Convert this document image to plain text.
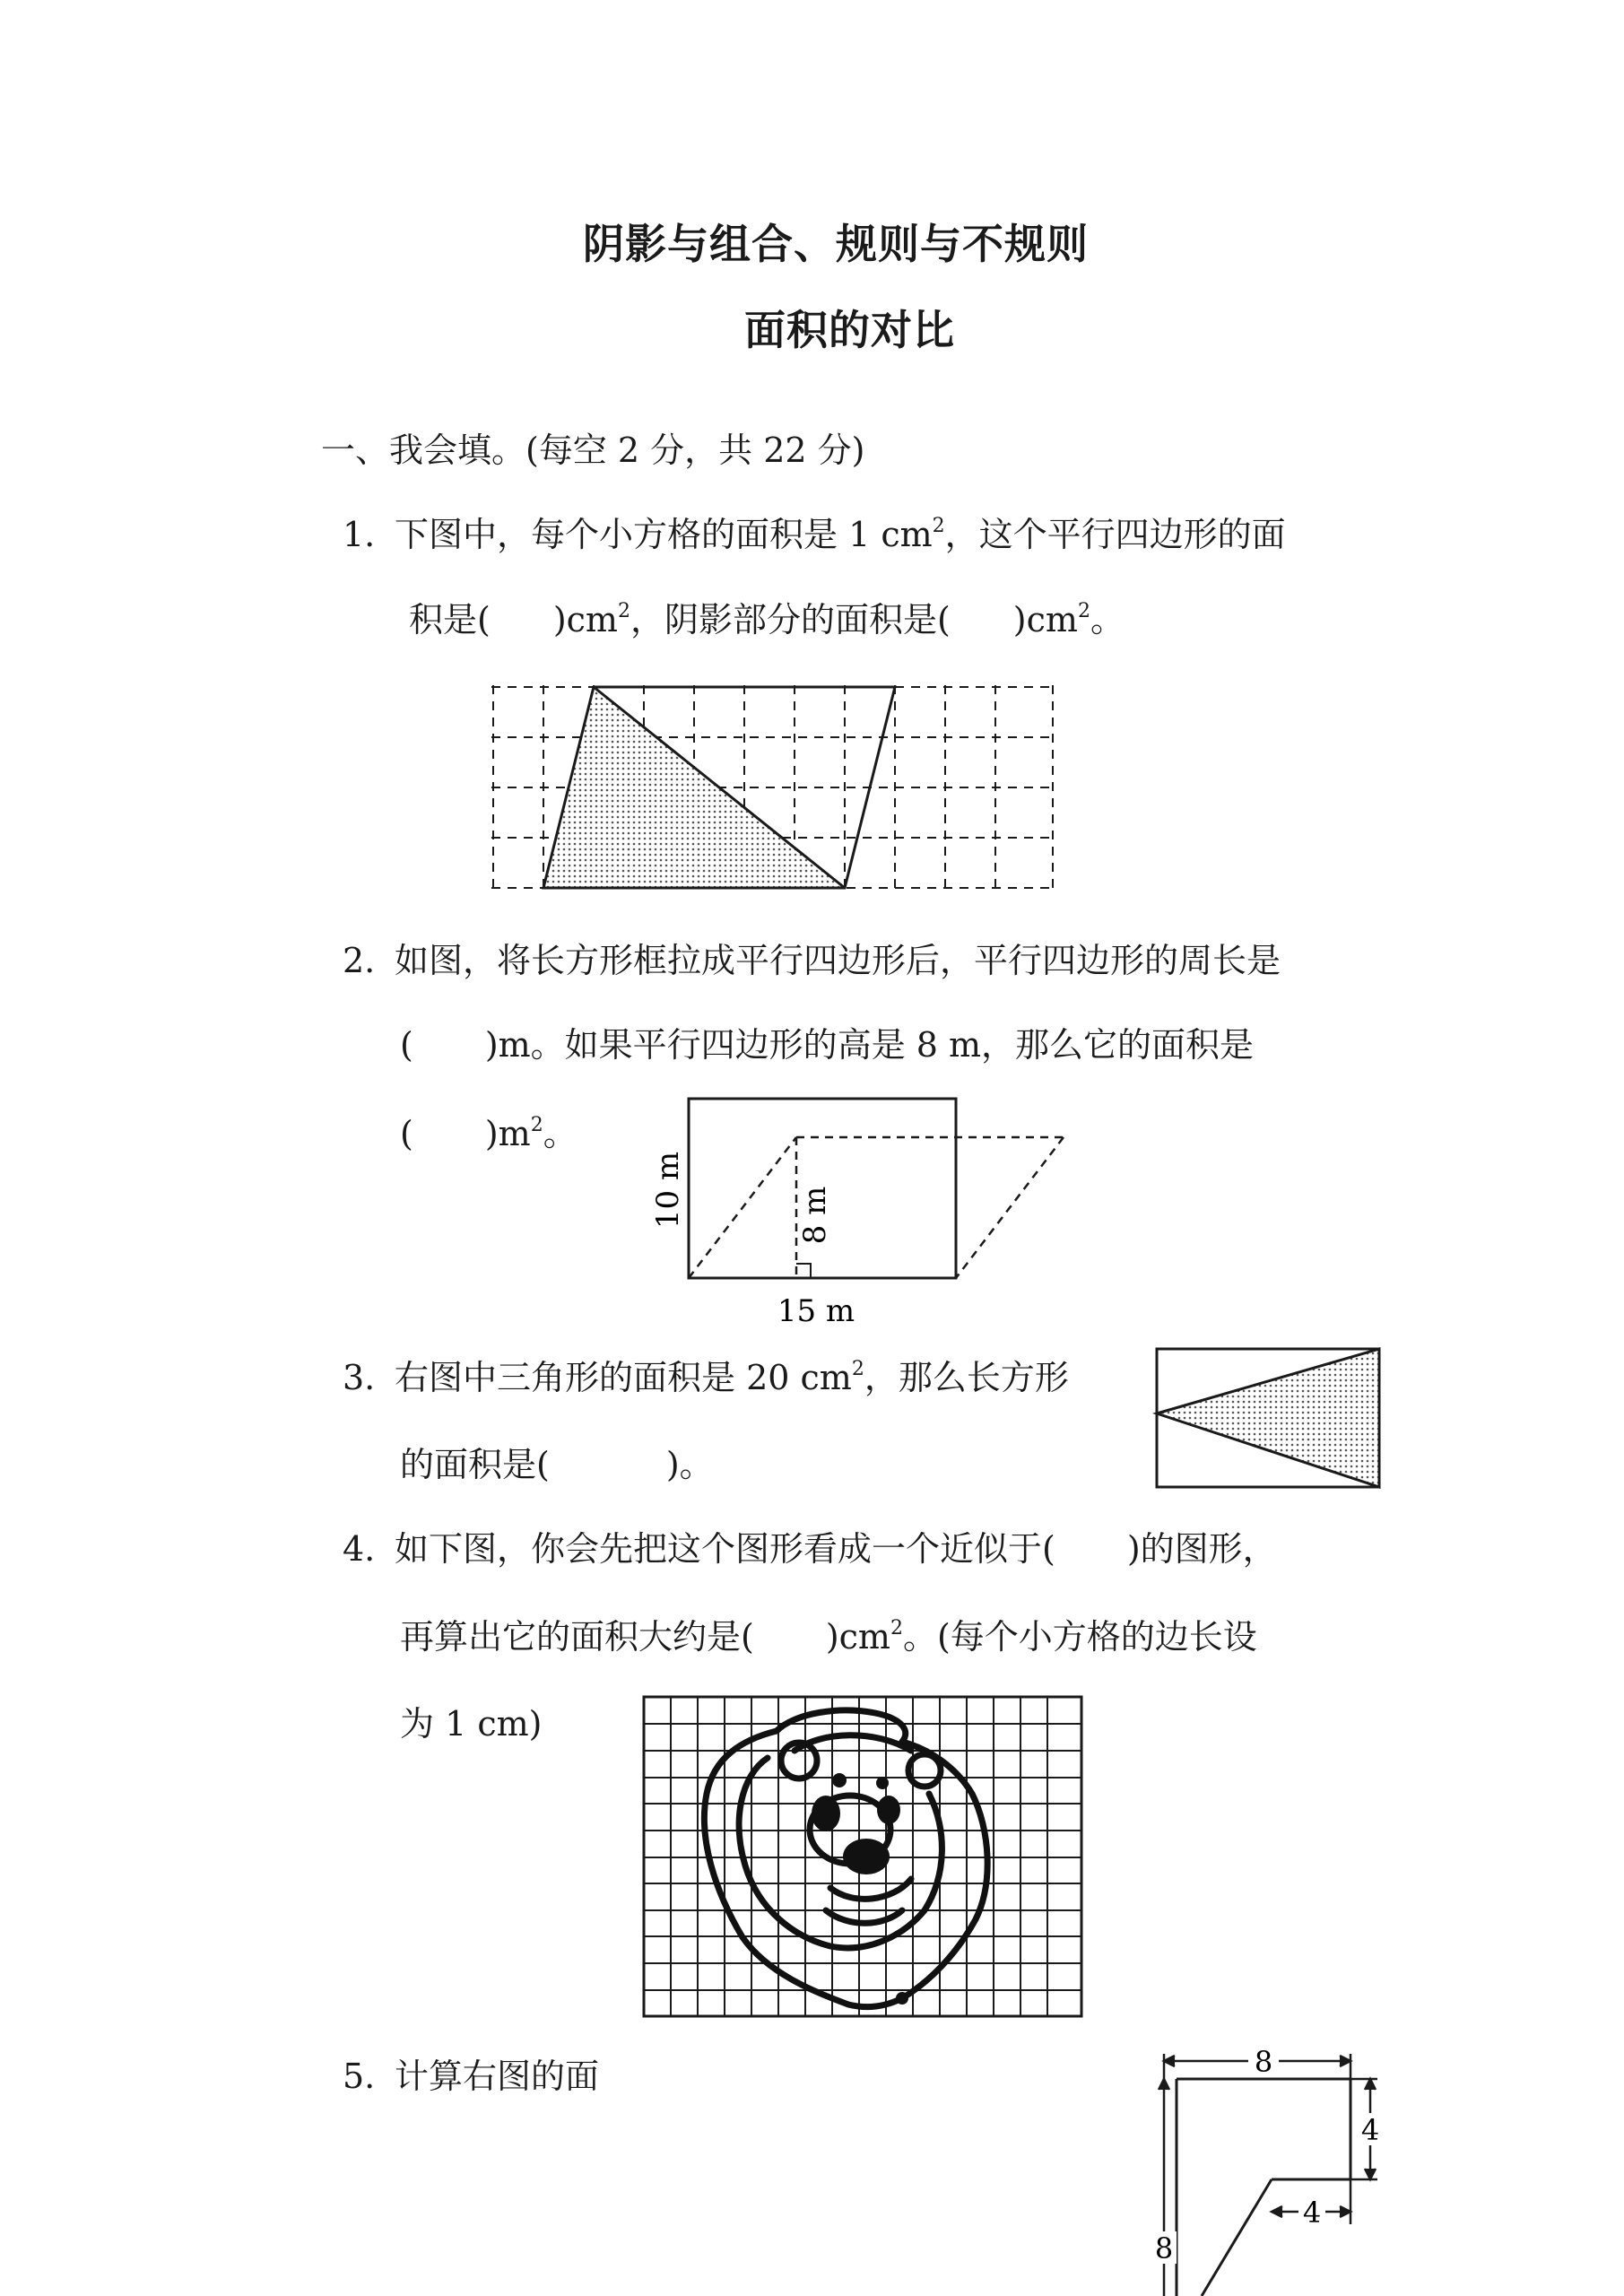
阴影与组合、规则与不规则
面积的对比
一、我会填。(每空 2 分，共 22 分)
1. 下图中，每个小方格的面积是 1 $cm^2$，这个平行四边形的面
积是( )$cm^2$，阴影部分的面积是( )$cm^2$。
2. 如图，将长方形框拉成平行四边形后，平行四边形的周长是
( )m。如果平行四边形的高是 8 m，那么它的面积是
( )$m^2$。
10 m	8 m
15 m
3. 右图中三角形的面积是 20 $cm^2$，那么长方形
的面积是(	)。
4. 如下图，你会先把这个图形看成一个近似于( )的图形，
再算出它的面积大约是( )$cm^2$。(每个小方格的边长设
为 1 cm)
5. 计算右图的面	8
4
8
4
